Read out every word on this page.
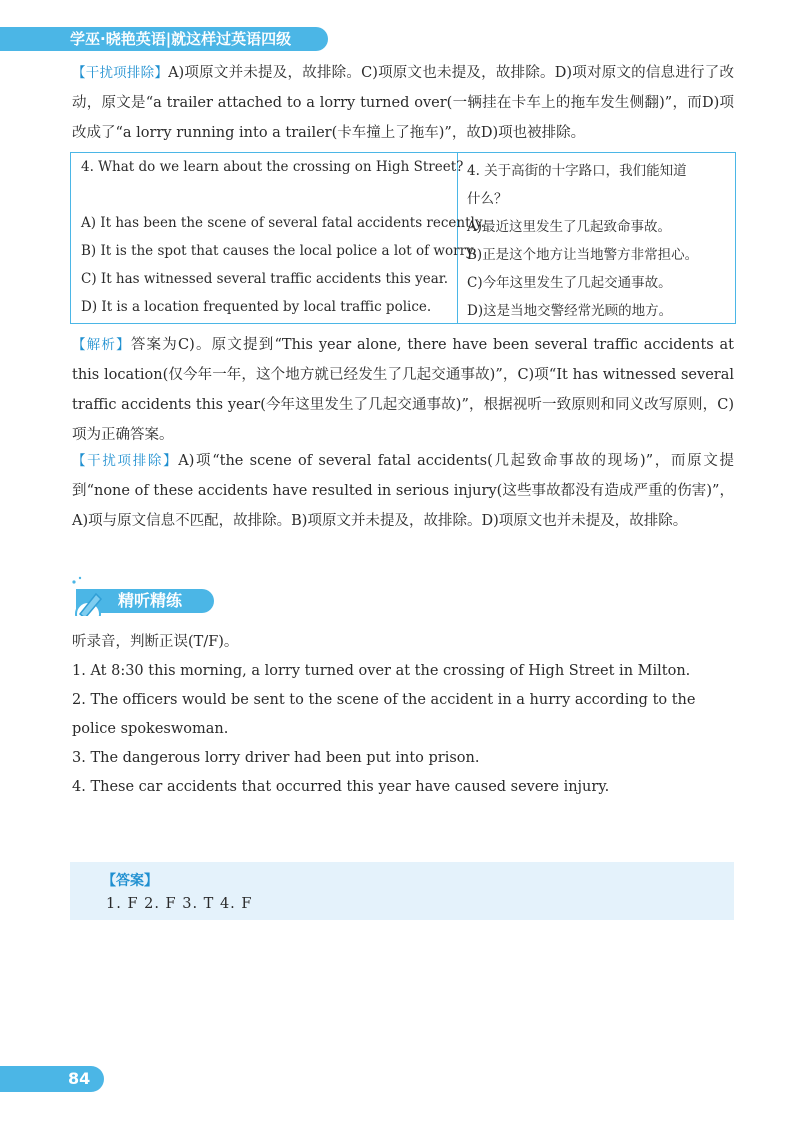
学巫·晓艳英语|就这样过英语四级
【干扰项排除】A)项原文并未提及，故排除。C)项原文也未提及，故排除。D)项对原文的信息进行了改动，原文是“a trailer attached to a lorry turned over(一辆挂在卡车上的拖车发生侧翻)”，而D)项改成了“a lorry running into a trailer(卡车撞上了拖车)”，故D)项也被排除。
4. What do we learn about the crossing on High Street? 4. 关于高街的十字路口，我们能知道
什么？
A) It has been the scene of several fatal accidents recently.
B) It is the spot that causes the local police a lot of worry.
C) It has witnessed several traffic accidents this year.
D) It is a location frequented by local traffic police.
A)最近这里发生了几起致命事故。
B)正是这个地方让当地警方非常担心。
C)今年这里发生了几起交通事故。
D)这是当地交警经常光顾的地方。
【解析】答案为C)。原文提到“This year alone, there have been several traffic accidents at this location(仅今年一年，这个地方就已经发生了几起交通事故)”，C)项“It has witnessed several traffic accidents this year(今年这里发生了几起交通事故)”，根据视听一致原则和同义改写原则，C)项为正确答案。
【干扰项排除】A)项“the scene of several fatal accidents(几起致命事故的现场)”，而原文提到“none of these accidents have resulted in serious injury(这些事故都没有造成严重的伤害)”，A)项与原文信息不匹配，故排除。B)项原文并未提及，故排除。D)项原文也并未提及，故排除。
精听精练
听录音，判断正误(T/F)。
1. At 8:30 this morning, a lorry turned over at the crossing of High Street in Milton.
2. The officers would be sent to the scene of the accident in a hurry according to the
police spokeswoman.
3. The dangerous lorry driver had been put into prison.
4. These car accidents that occurred this year have caused severe injury.
【答案】
1. F 2. F 3. T 4. F
84
